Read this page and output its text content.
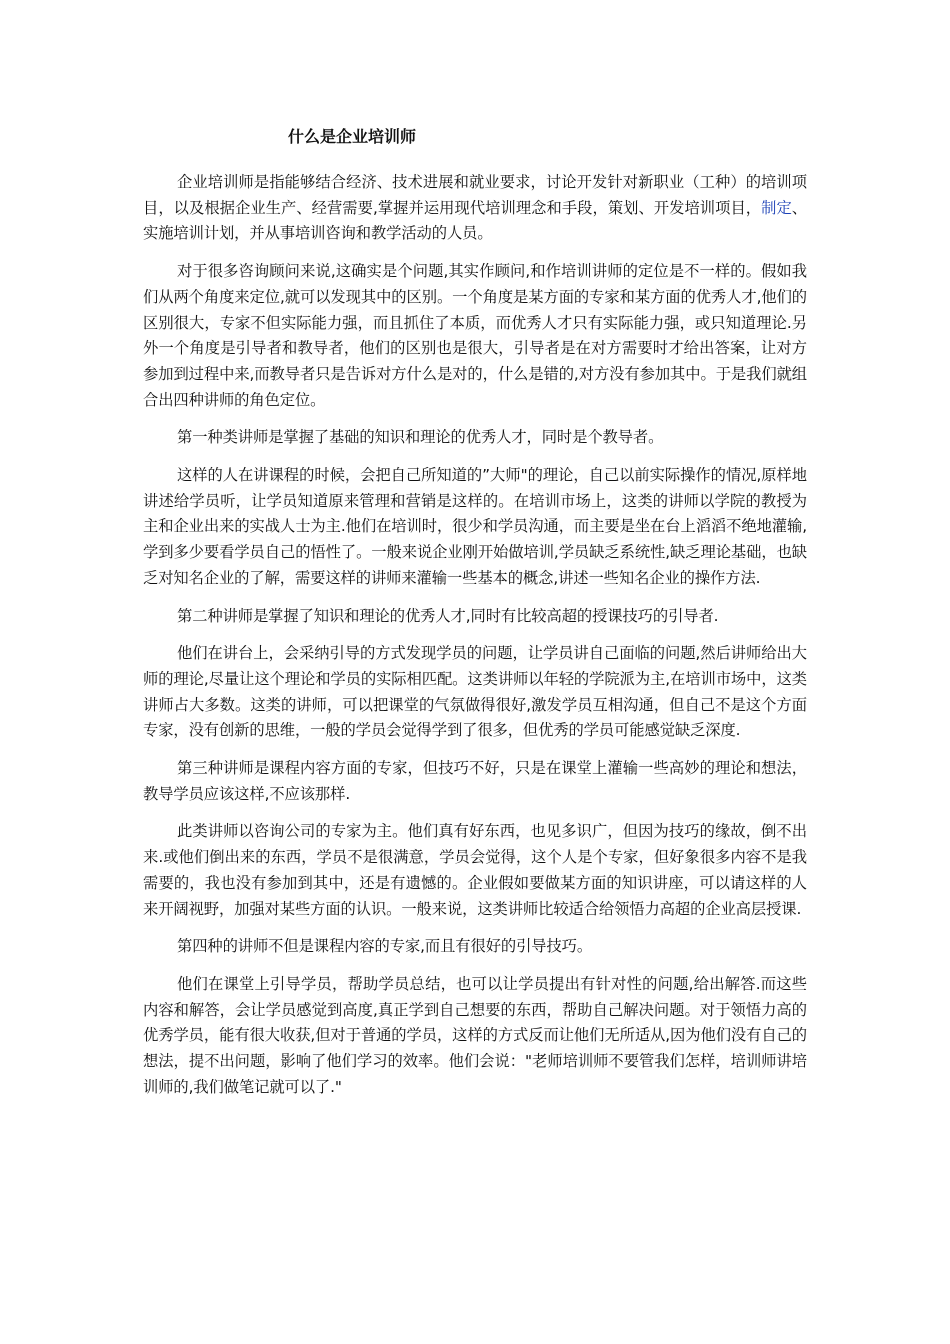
什么是企业培训师

企业培训师是指能够结合经济、技术进展和就业要求，讨论开发针对新职业（工种）的培训项目，以及根据企业生产、经营需要,掌握并运用现代培训理念和手段，策划、开发培训项目，制定、实施培训计划，并从事培训咨询和教学活动的人员。

对于很多咨询顾问来说,这确实是个问题,其实作顾问,和作培训讲师的定位是不一样的。假如我们从两个角度来定位,就可以发现其中的区别。一个角度是某方面的专家和某方面的优秀人才,他们的区别很大，专家不但实际能力强，而且抓住了本质，而优秀人才只有实际能力强，或只知道理论.另外一个角度是引导者和教导者，他们的区别也是很大，引导者是在对方需要时才给出答案，让对方参加到过程中来,而教导者只是告诉对方什么是对的，什么是错的,对方没有参加其中。于是我们就组合出四种讲师的角色定位。

第一种类讲师是掌握了基础的知识和理论的优秀人才，同时是个教导者。

这样的人在讲课程的时候，会把自己所知道的”大师"的理论，自己以前实际操作的情况,原样地讲述给学员听，让学员知道原来管理和营销是这样的。在培训市场上，这类的讲师以学院的教授为主和企业出来的实战人士为主.他们在培训时，很少和学员沟通，而主要是坐在台上滔滔不绝地灌输,学到多少要看学员自己的悟性了。一般来说企业刚开始做培训,学员缺乏系统性,缺乏理论基础，也缺乏对知名企业的了解，需要这样的讲师来灌输一些基本的概念,讲述一些知名企业的操作方法.

第二种讲师是掌握了知识和理论的优秀人才,同时有比较高超的授课技巧的引导者.

他们在讲台上，会采纳引导的方式发现学员的问题，让学员讲自己面临的问题,然后讲师给出大师的理论,尽量让这个理论和学员的实际相匹配。这类讲师以年轻的学院派为主,在培训市场中，这类讲师占大多数。这类的讲师，可以把课堂的气氛做得很好,激发学员互相沟通，但自己不是这个方面专家，没有创新的思维，一般的学员会觉得学到了很多，但优秀的学员可能感觉缺乏深度.

第三种讲师是课程内容方面的专家，但技巧不好，只是在课堂上灌输一些高妙的理论和想法，教导学员应该这样,不应该那样.

此类讲师以咨询公司的专家为主。他们真有好东西，也见多识广，但因为技巧的缘故，倒不出来.或他们倒出来的东西，学员不是很满意，学员会觉得，这个人是个专家，但好象很多内容不是我需要的，我也没有参加到其中，还是有遗憾的。企业假如要做某方面的知识讲座，可以请这样的人来开阔视野，加强对某些方面的认识。一般来说，这类讲师比较适合给领悟力高超的企业高层授课.

第四种的讲师不但是课程内容的专家,而且有很好的引导技巧。

他们在课堂上引导学员，帮助学员总结，也可以让学员提出有针对性的问题,给出解答.而这些内容和解答，会让学员感觉到高度,真正学到自己想要的东西，帮助自己解决问题。对于领悟力高的优秀学员，能有很大收获,但对于普通的学员，这样的方式反而让他们无所适从,因为他们没有自己的想法，提不出问题，影响了他们学习的效率。他们会说："老师培训师不要管我们怎样，培训师讲培训师的,我们做笔记就可以了."
